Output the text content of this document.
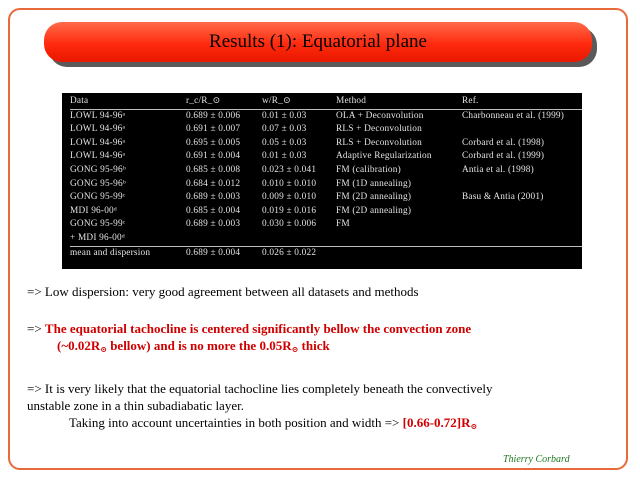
Results (1): Equatorial plane
Data	r_c/R_⊙	w/R_⊙	Method	Ref.
LOWL 94-96ᵃ	0.689 ± 0.006	0.01 ± 0.03	OLA + Deconvolution	Charbonneau et al. (1999)
LOWL 94-96ᵃ	0.691 ± 0.007	0.07 ± 0.03	RLS + Deconvolution	
LOWL 94-96ᵃ	0.695 ± 0.005	0.05 ± 0.03	RLS + Deconvolution	Corbard et al. (1998)
LOWL 94-96ᵃ	0.691 ± 0.004	0.01 ± 0.03	Adaptive Regularization	Corbard et al. (1999)
GONG 95-96ᵇ	0.685 ± 0.008	0.023 ± 0.041	FM (calibration)	Antia et al. (1998)
GONG 95-96ᵇ	0.684 ± 0.012	0.010 ± 0.010	FM (1D annealing)	
GONG 95-99ᶜ	0.689 ± 0.003	0.009 ± 0.010	FM (2D annealing)	Basu & Antia (2001)
MDI 96-00ᵈ	0.685 ± 0.004	0.019 ± 0.016	FM (2D annealing)	
GONG 95-99ᶜ	0.689 ± 0.003	0.030 ± 0.006	FM	
+ MDI 96-00ᵈ				
mean and dispersion	0.689 ± 0.004	0.026 ± 0.022		
=> Low dispersion: very good agreement between all datasets and methods
=> The equatorial tachocline is centered significantly bellow the convection zone
($\sim 0.02R_⊙$ bellow) and is no more the $0.05R_⊙$ thick
=> It is very likely that the equatorial tachocline lies completely beneath the convectively
unstable zone in a thin subadiabatic layer.
Taking into account uncertainties in both position and width => $[0.66-0.72]R_⊙$
Thierry Corbard
